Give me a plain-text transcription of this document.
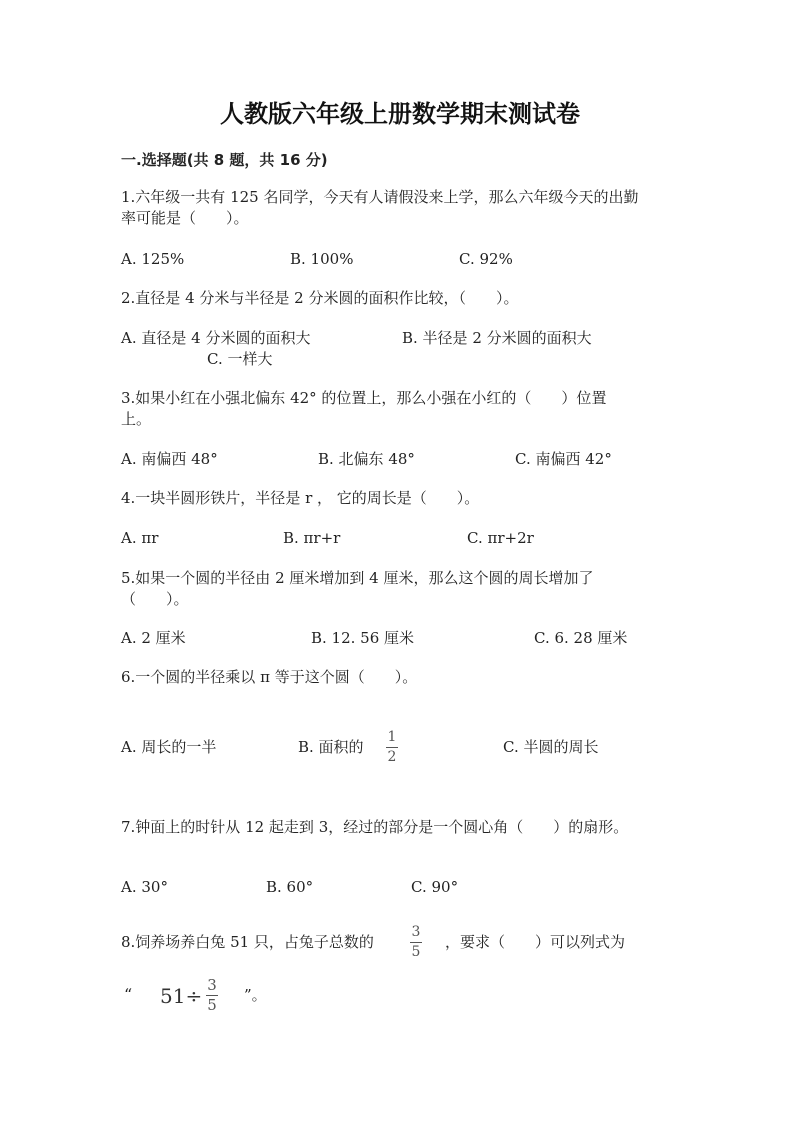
人教版六年级上册数学期末测试卷
一.选择题(共 8 题，共 16 分)
1.六年级一共有 125 名同学，今天有人请假没来上学，那么六年级今天的出勤
率可能是（　　）。
A. 125%	B. 100%	C. 92%
2.直径是 4 分米与半径是 2 分米圆的面积作比较，（　　）。
A. 直径是 4 分米圆的面积大	B. 半径是 2 分米圆的面积大
C. 一样大
3.如果小红在小强北偏东 42° 的位置上，那么小强在小红的（　　）位置
上。
A. 南偏西 48°	B. 北偏东 48°	C. 南偏西 42°
4.一块半圆形铁片，半径是 r ， 它的周长是（　　）。
A. πr	B. πr+r	C. πr+2r
5.如果一个圆的半径由 2 厘米增加到 4 厘米，那么这个圆的周长增加了
（　　）。
A. 2 厘米	B. 12. 56 厘米	C. 6. 28 厘米
6.一个圆的半径乘以 π 等于这个圆（　　）。
A. 周长的一半	B. 面积的
1
2
C. 半圆的周长
7.钟面上的时针从 12 起走到 3，经过的部分是一个圆心角（　　）的扇形。
A. 30°	B. 60°	C. 90°
8.饲养场养白兔 51 只，占兔子总数的
3
5
，要求（　　）可以列式为
“ 51÷ 3
5
”。
